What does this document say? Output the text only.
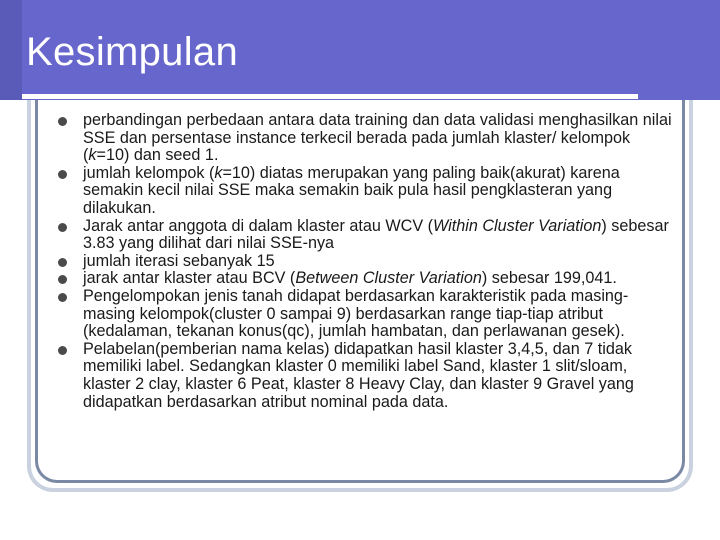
Kesimpulan
perbandingan perbedaan antara data training dan data validasi menghasilkan nilai SSE dan persentase instance terkecil berada pada jumlah klaster/ kelompok (k=10) dan seed 1.
jumlah kelompok (k=10) diatas merupakan yang paling baik(akurat) karena semakin kecil nilai SSE maka semakin baik pula hasil pengklasteran yang dilakukan.
Jarak antar anggota di dalam klaster atau WCV (Within Cluster Variation) sebesar 3.83 yang dilihat dari nilai SSE-nya
jumlah iterasi sebanyak 15
jarak antar klaster atau BCV (Between Cluster Variation) sebesar 199,041.
Pengelompokan jenis tanah didapat berdasarkan karakteristik pada masing-masing kelompok(cluster 0 sampai 9) berdasarkan range tiap-tiap atribut (kedalaman, tekanan konus(qc), jumlah hambatan, dan perlawanan gesek).
Pelabelan(pemberian nama kelas) didapatkan hasil klaster 3,4,5, dan 7 tidak memiliki label. Sedangkan klaster 0 memiliki label Sand, klaster 1 slit/sloam, klaster 2 clay, klaster 6 Peat, klaster 8 Heavy Clay, dan klaster 9 Gravel yang didapatkan berdasarkan atribut nominal pada data.
